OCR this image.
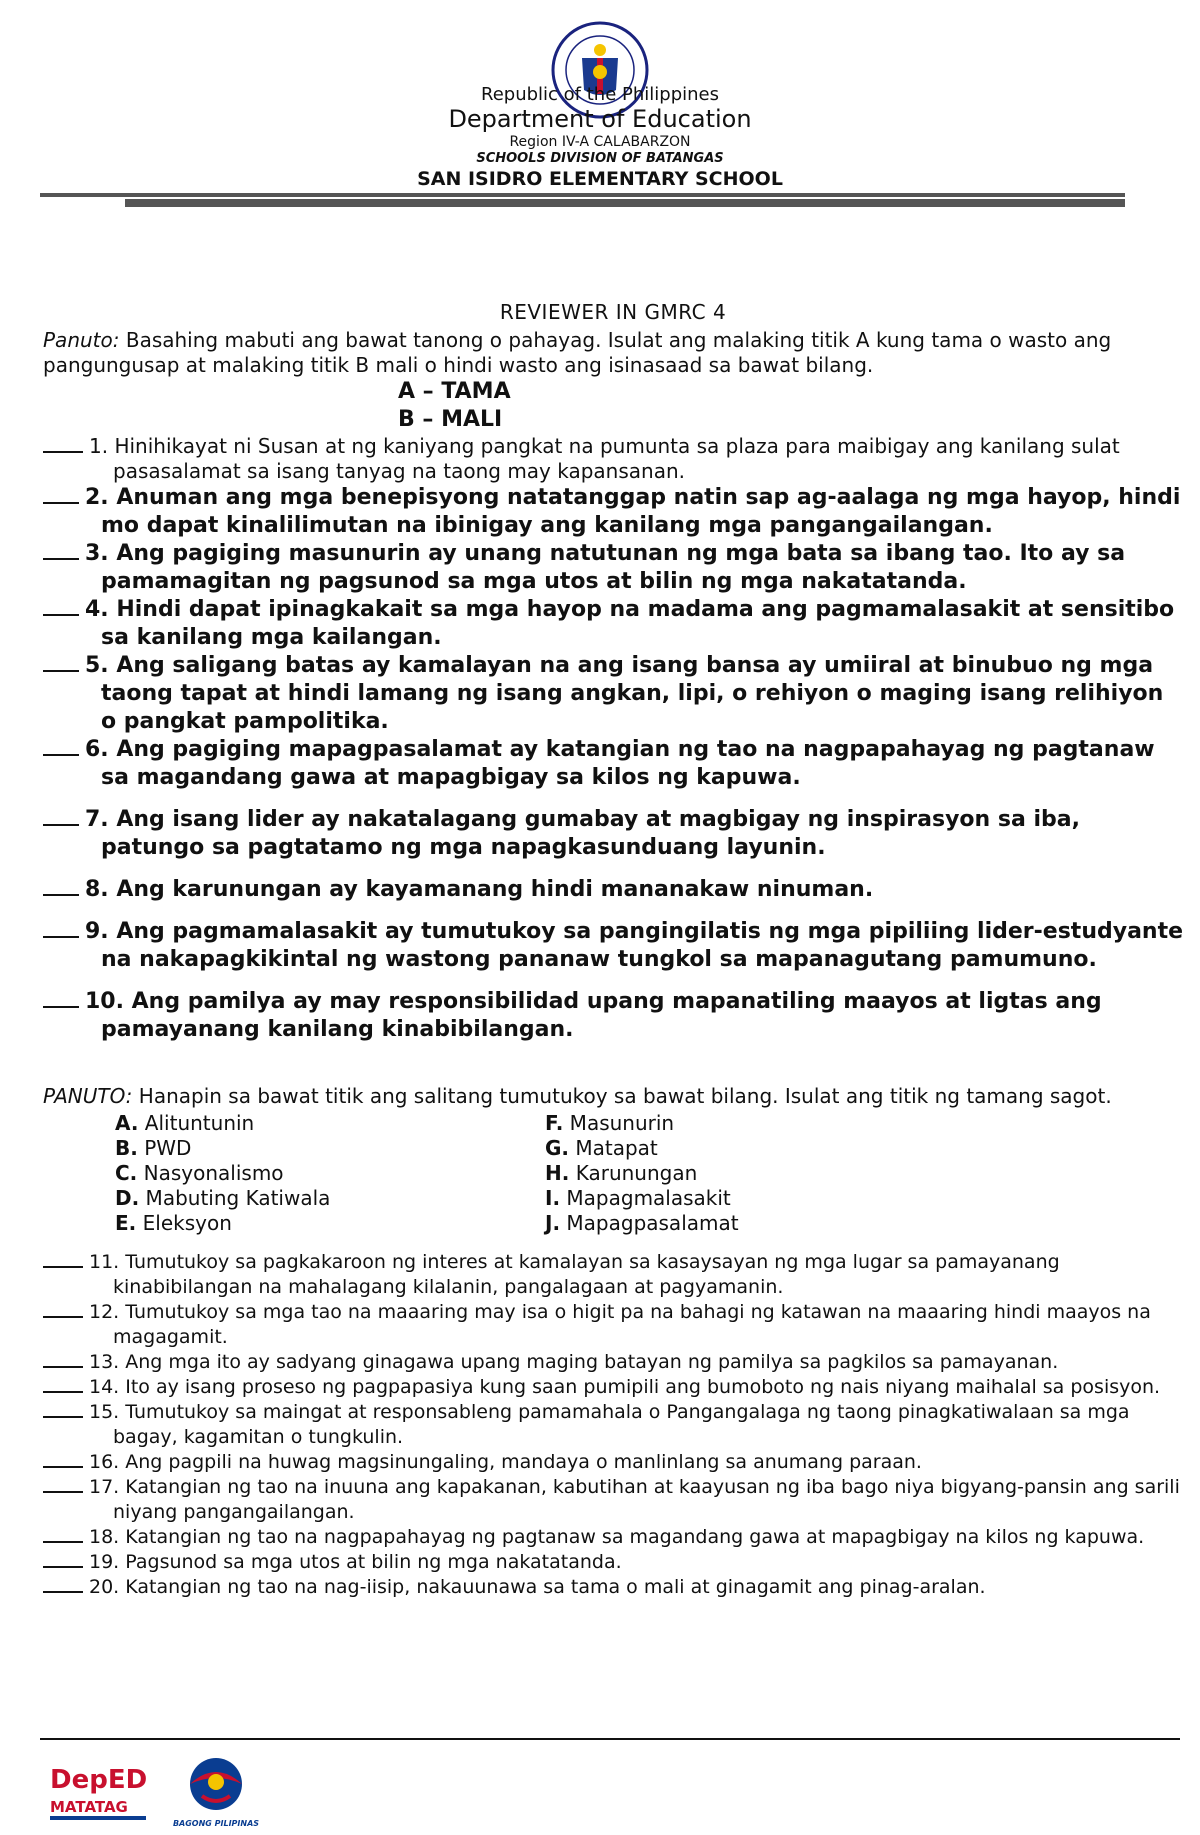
Republic of the Philippines
Department of Education
Region IV-A CALABARZON
SCHOOLS DIVISION OF BATANGAS
SAN ISIDRO ELEMENTARY SCHOOL
REVIEWER IN GMRC 4

Panuto: Basahing mabuti ang bawat tanong o pahayag. Isulat ang malaking titik A kung tama o wasto ang pangungusap at malaking titik B mali o hindi wasto ang isinasaad sa bawat bilang.

A – TAMA
B – MALI

1. Hinihikayat ni Susan at ng kaniyang pangkat na pumunta sa plaza para maibigay ang kanilang sulat pasasalamat sa isang tanyag na taong may kapansanan.

2. Anuman ang mga benepisyong natatanggap natin sap ag-aalaga ng mga hayop, hindi mo dapat kinalilimutan na ibinigay ang kanilang mga pangangailangan.

3. Ang pagiging masunurin ay unang natutunan ng mga bata sa ibang tao. Ito ay sa pamamagitan ng pagsunod sa mga utos at bilin ng mga nakatatanda.

4. Hindi dapat ipinagkakait sa mga hayop na madama ang pagmamalasakit at sensitibo sa kanilang mga kailangan.

5. Ang saligang batas ay kamalayan na ang isang bansa ay umiiral at binubuo ng mga taong tapat at hindi lamang ng isang angkan, lipi, o rehiyon o maging isang relihiyon o pangkat pampolitika.

6. Ang pagiging mapagpasalamat ay katangian ng tao na nagpapahayag ng pagtanaw sa magandang gawa at mapagbigay sa kilos ng kapuwa.

7. Ang isang lider ay nakatalagang gumabay at magbigay ng inspirasyon sa iba, patungo sa pagtatamo ng mga napagkasunduang layunin.

8. Ang karunungan ay kayamanang hindi mananakaw ninuman.

9. Ang pagmamalasakit ay tumutukoy sa pangingilatis ng mga pipiliing lider-estudyante na nakapagkikintal ng wastong pananaw tungkol sa mapanagutang pamumuno.

10. Ang pamilya ay may responsibilidad upang mapanatiling maayos at ligtas ang pamayanang kanilang kinabibilangan.

PANUTO: Hanapin sa bawat titik ang salitang tumutukoy sa bawat bilang. Isulat ang titik ng tamang sagot.

A. Alituntunin	F. Masunurin
B. PWD	G. Matapat
C. Nasyonalismo	H. Karunungan
D. Mabuting Katiwala	I. Mapagmalasakit
E. Eleksyon	J. Mapagpasalamat

11. Tumutukoy sa pagkakaroon ng interes at kamalayan sa kasaysayan ng mga lugar sa pamayanang kinabibilangan na mahalagang kilalanin, pangalagaan at pagyamanin.

12. Tumutukoy sa mga tao na maaaring may isa o higit pa na bahagi ng katawan na maaaring hindi maayos na magagamit.

13. Ang mga ito ay sadyang ginagawa upang maging batayan ng pamilya sa pagkilos sa pamayanan.

14. Ito ay isang proseso ng pagpapasiya kung saan pumipili ang bumoboto ng nais niyang maihalal sa posisyon.

15. Tumutukoy sa maingat at responsableng pamamahala o Pangangalaga ng taong pinagkatiwalaan sa mga bagay, kagamitan o tungkulin.

16. Ang pagpili na huwag magsinungaling, mandaya o manlinlang sa anumang paraan.

17. Katangian ng tao na inuuna ang kapakanan, kabutihan at kaayusan ng iba bago niya bigyang-pansin ang sarili niyang pangangailangan.

18. Katangian ng tao na nagpapahayag ng pagtanaw sa magandang gawa at mapagbigay na kilos ng kapuwa.

19. Pagsunod sa mga utos at bilin ng mga nakatatanda.

20. Katangian ng tao na nag-iisip, nakauunawa sa tama o mali at ginagamit ang pinag-aralan.

DepED
MATATAG
BAGONG PILIPINAS
